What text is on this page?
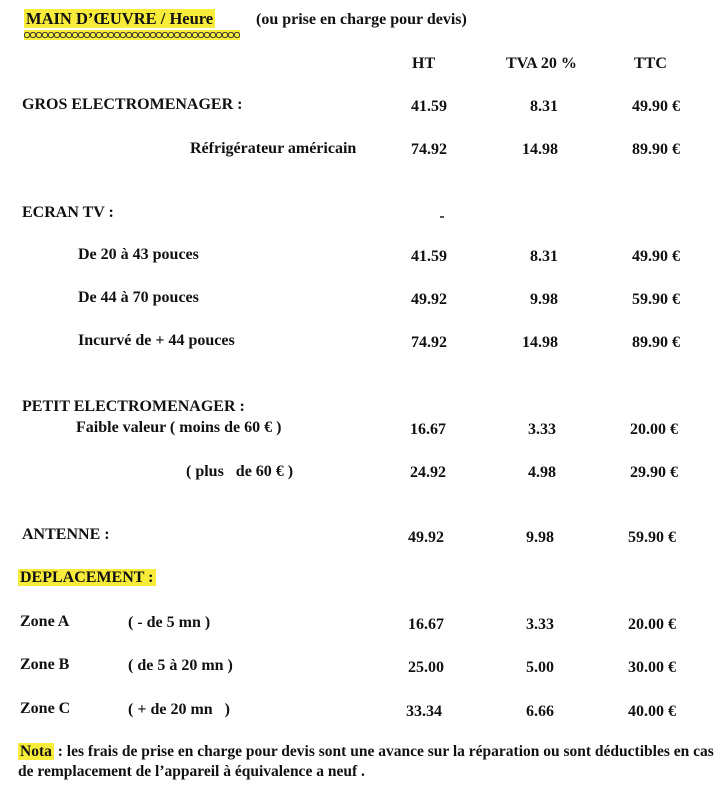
MAIN D’ŒUVRE / Heure	(ou prise en charge pour devis)
HT	TVA 20 %	TTC
GROS ELECTROMENAGER :	41.59	8.31	49.90 €
Réfrigérateur américain	74.92	14.98	89.90 €
ECRAN TV :
De 20 à 43 pouces	41.59	8.31	49.90 €
De 44 à 70 pouces	49.92	9.98	59.90 €
Incurvé de + 44 pouces	74.92	14.98	89.90 €
PETIT ELECTROMENAGER :
Faible valeur ( moins de 60 € )	16.67	3.33	20.00 €
( plus   de 60 € )	24.92	4.98	29.90 €
ANTENNE :	49.92	9.98	59.90 €
DEPLACEMENT :
Zone A	( - de 5 mn )	16.67	3.33	20.00 €
Zone B	( de 5 à 20 mn )	25.00	5.00	30.00 €
Zone C	( + de 20 mn   )	33.34	6.66	40.00 €
Nota : les frais de prise en charge pour devis sont une avance sur la réparation ou sont déductibles en cas de remplacement de l’appareil à équivalence a neuf .
